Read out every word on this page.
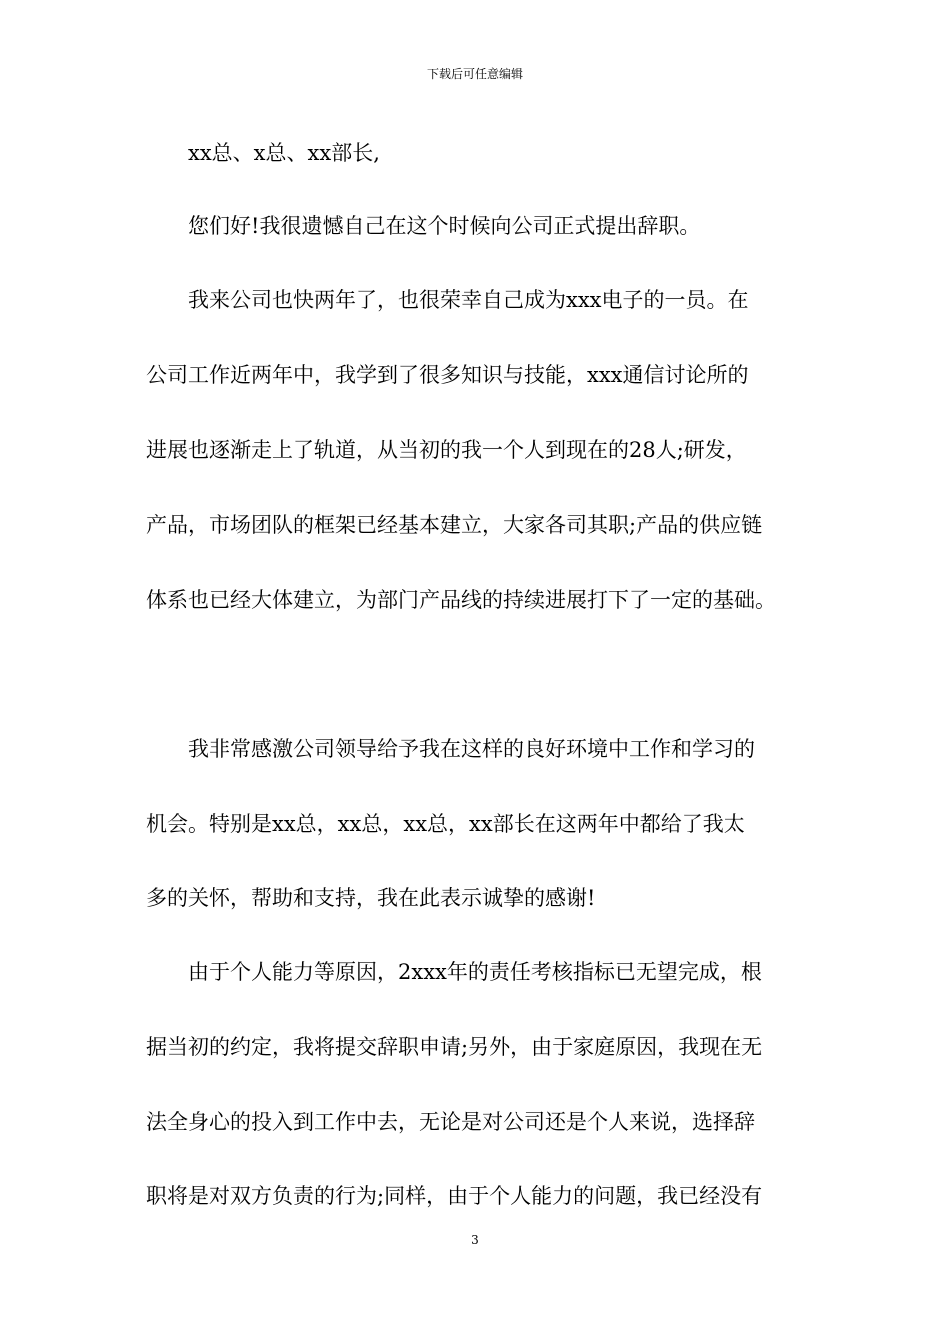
下载后可任意编辑
xx总、x总、xx部长,
您们好!我很遗憾自己在这个时候向公司正式提出辞职。
我来公司也快两年了，也很荣幸自己成为xxx电子的一员。在
公司工作近两年中，我学到了很多知识与技能，xxx通信讨论所的
进展也逐渐走上了轨道，从当初的我一个人到现在的28人;研发，
产品，市场团队的框架已经基本建立，大家各司其职;产品的供应链
体系也已经大体建立，为部门产品线的持续进展打下了一定的基础。
我非常感激公司领导给予我在这样的良好环境中工作和学习的
机会。特别是xx总，xx总，xx总，xx部长在这两年中都给了我太
多的关怀，帮助和支持，我在此表示诚挚的感谢!
由于个人能力等原因，2xxx年的责任考核指标已无望完成，根
据当初的约定，我将提交辞职申请;另外，由于家庭原因，我现在无
法全身心的投入到工作中去，无论是对公司还是个人来说，选择辞
职将是对双方负责的行为;同样，由于个人能力的问题，我已经没有
3
